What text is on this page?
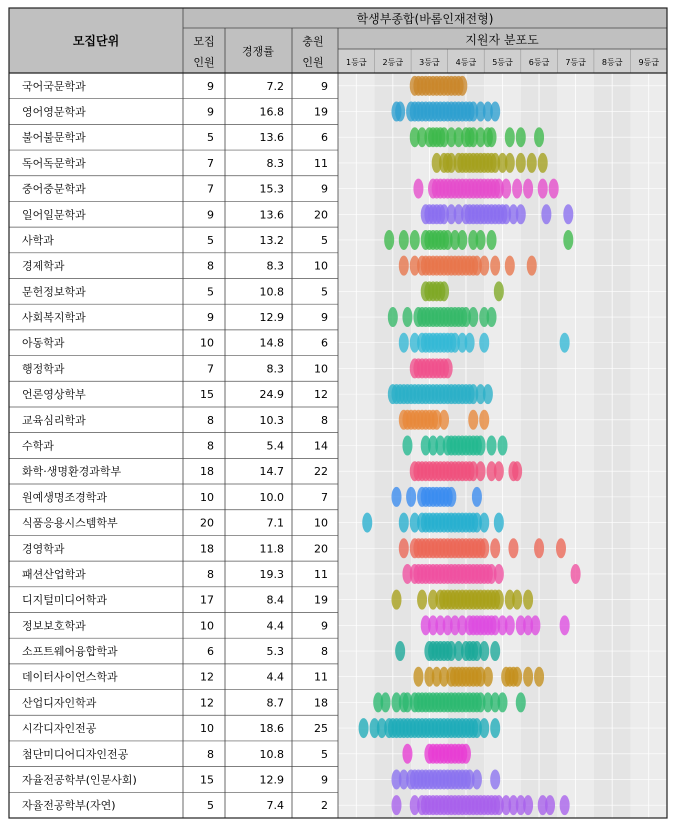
모집단위
학생부종합(바롬인재전형)
모집
인원
경쟁률
충원
인원
지원자 분포도
1등급 2등급 3등급 4등급 5등급 6등급 7등급 8등급 9등급
국어국문학과	9	7.2	9
영어영문학과	9	16.8	19
불어불문학과	5	13.6	6
독어독문학과	7	8.3	11
중어중문학과	7	15.3	9
일어일문학과	9	13.6	20
사학과	5	13.2	5
경제학과	8	8.3	10
문헌정보학과	5	10.8	5
사회복지학과	9	12.9	9
아동학과	10	14.8	6
행정학과	7	8.3	10
언론영상학부	15	24.9	12
교육심리학과	8	10.3	8
수학과	8	5.4	14
화학·생명환경과학부	18	14.7	22
원예생명조경학과	10	10.0	7
식품응용시스템학부	20	7.1	10
경영학과	18	11.8	20
패션산업학과	8	19.3	11
디지털미디어학과	17	8.4	19
정보보호학과	10	4.4	9
소프트웨어융합학과	6	5.3	8
데이터사이언스학과	12	4.4	11
산업디자인학과	12	8.7	18
시각디자인전공	10	18.6	25
첨단미디어디자인전공	8	10.8	5
자율전공학부(인문사회)	15	12.9	9
자율전공학부(자연)	5	7.4	2
